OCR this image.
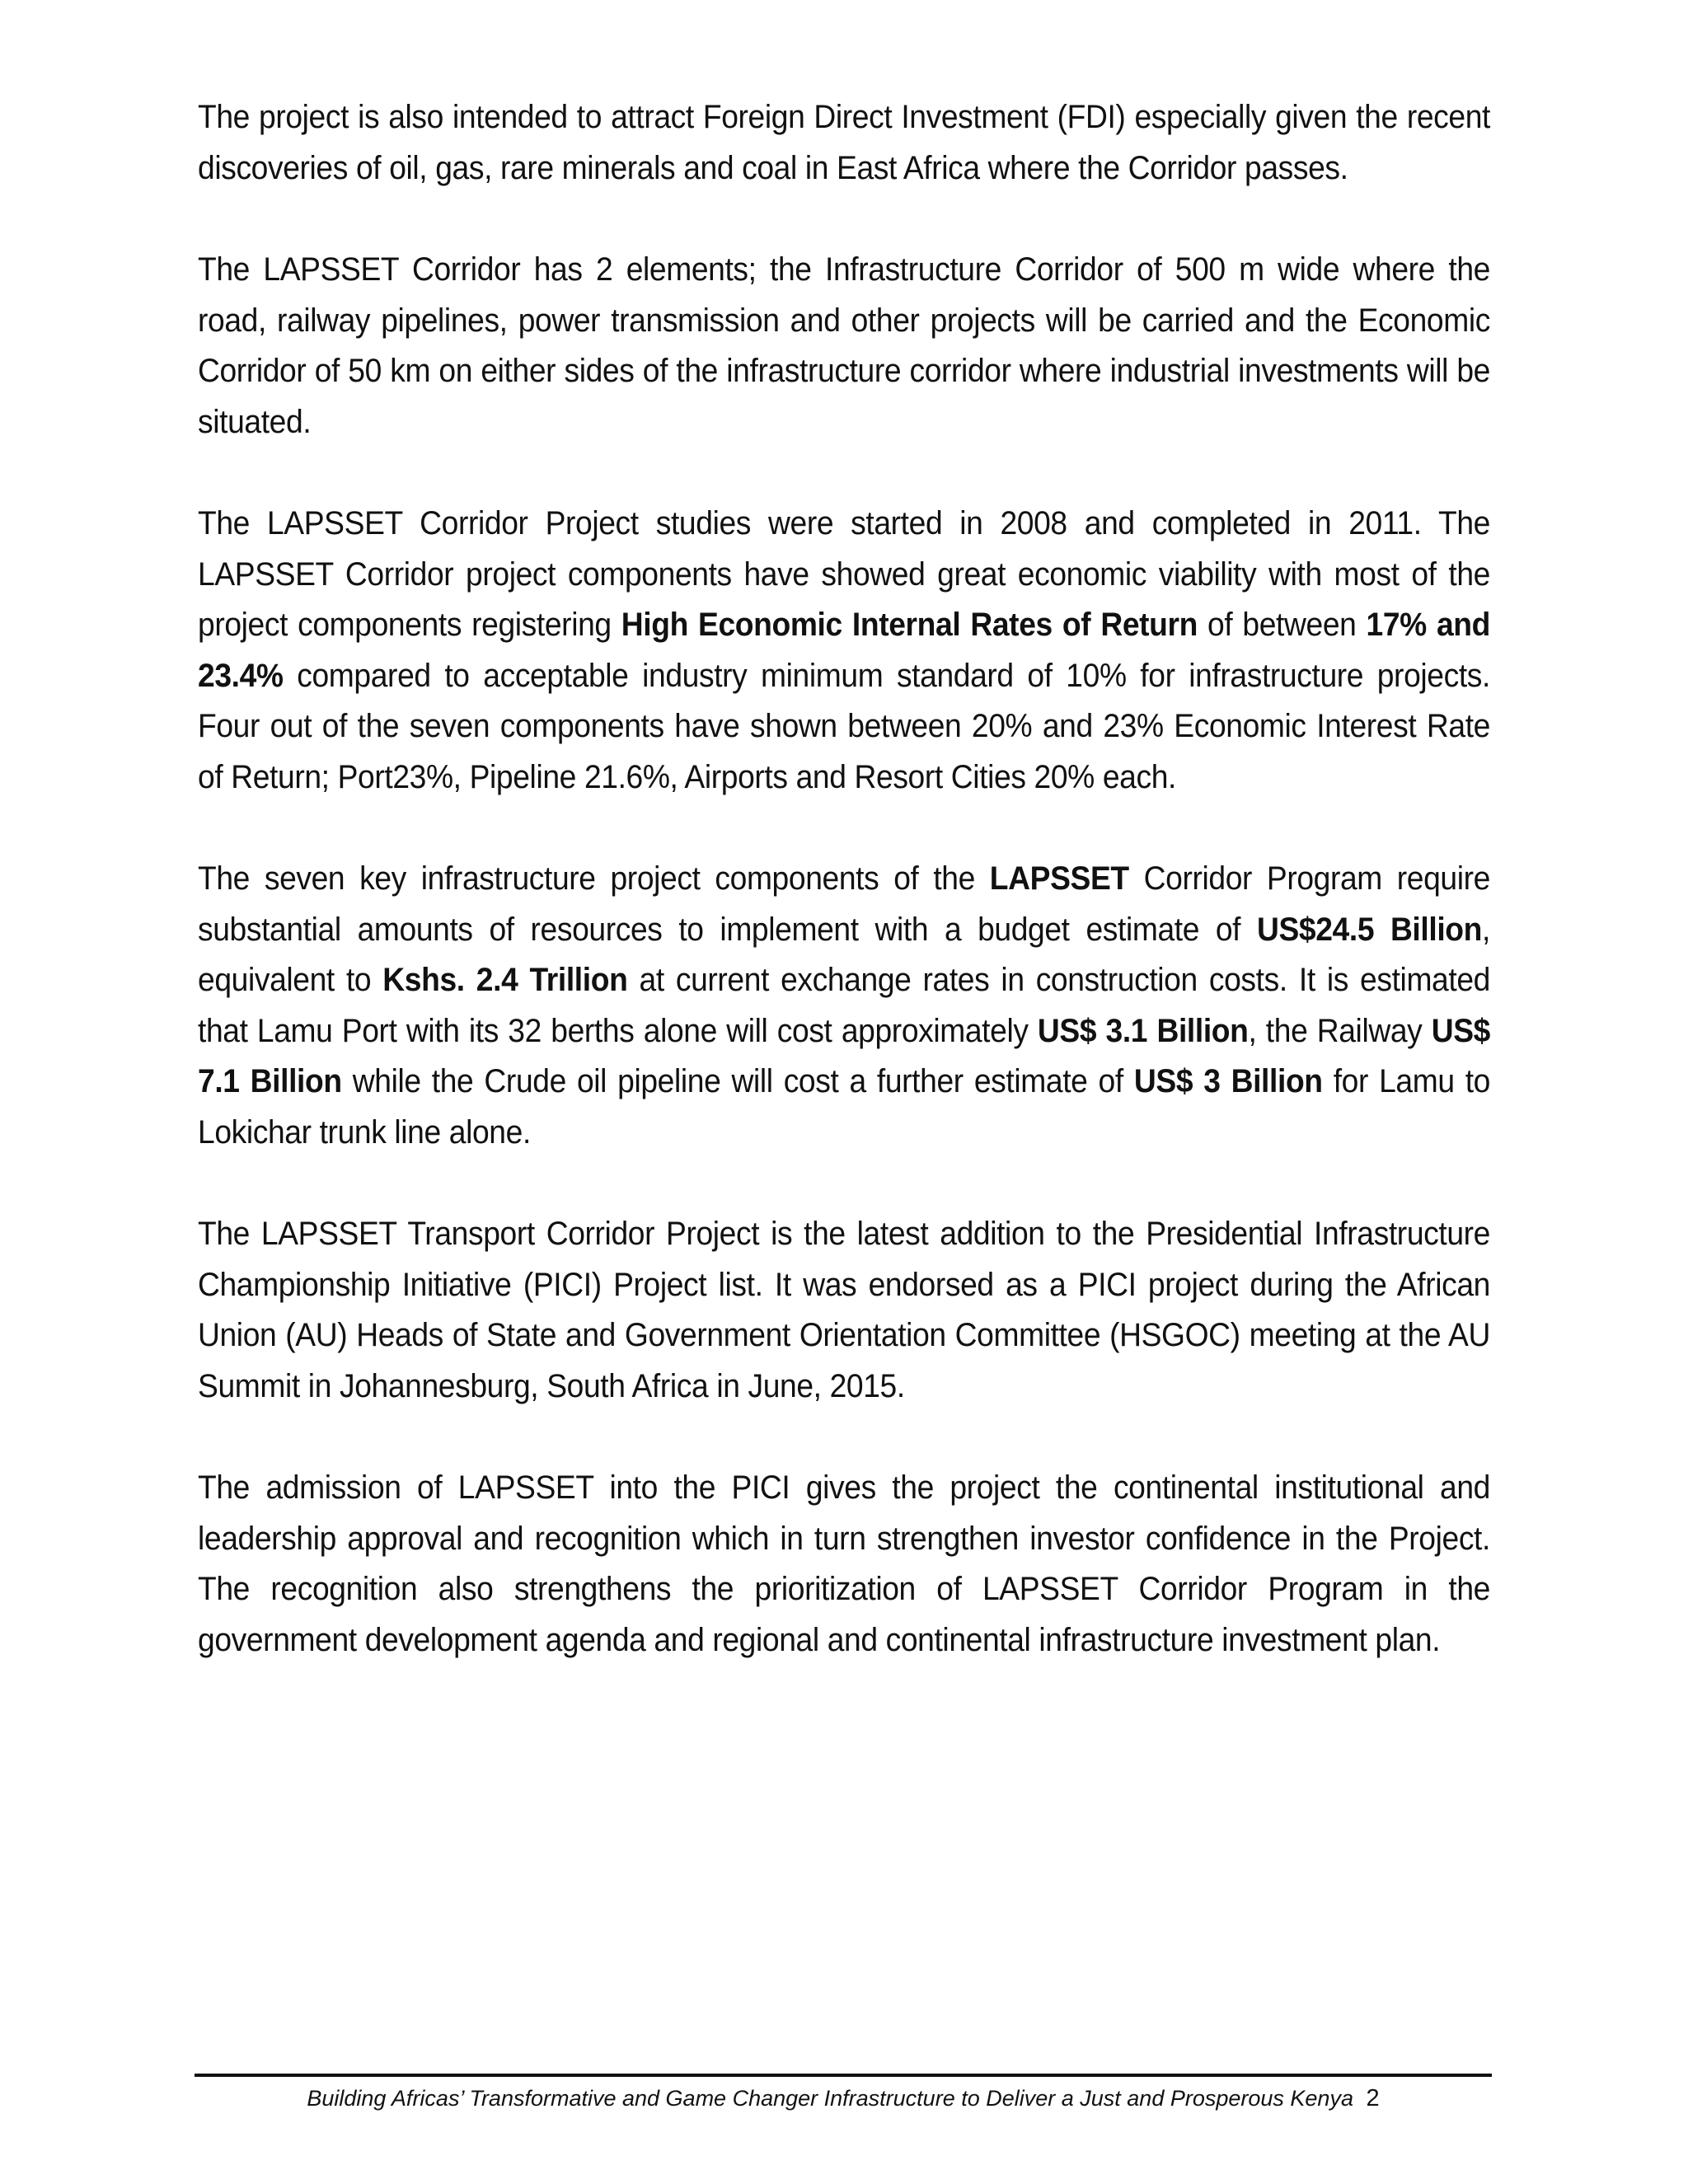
The project is also intended to attract Foreign Direct Investment (FDI) especially given the recent discoveries of oil, gas, rare minerals and coal in East Africa where the Corridor passes.

The LAPSSET Corridor has 2 elements; the Infrastructure Corridor of 500 m wide where the road, railway pipelines, power transmission and other projects will be carried and the Economic Corridor of 50 km on either sides of the infrastructure corridor where industrial investments will be situated.

The LAPSSET Corridor Project studies were started in 2008 and completed in 2011. The LAPSSET Corridor project components have showed great economic viability with most of the project components registering High Economic Internal Rates of Return of between 17% and 23.4% compared to acceptable industry minimum standard of 10% for infrastructure projects. Four out of the seven components have shown between 20% and 23% Economic Interest Rate of Return; Port23%, Pipeline 21.6%, Airports and Resort Cities 20% each.

The seven key infrastructure project components of the LAPSSET Corridor Program require substantial amounts of resources to implement with a budget estimate of US$24.5 Billion, equivalent to Kshs. 2.4 Trillion at current exchange rates in construction costs. It is estimated that Lamu Port with its 32 berths alone will cost approximately US$ 3.1 Billion, the Railway US$ 7.1 Billion while the Crude oil pipeline will cost a further estimate of US$ 3 Billion for Lamu to Lokichar trunk line alone.

The LAPSSET Transport Corridor Project is the latest addition to the Presidential Infrastructure Championship Initiative (PICI) Project list. It was endorsed as a PICI project during the African Union (AU) Heads of State and Government Orientation Committee (HSGOC) meeting at the AU Summit in Johannesburg, South Africa in June, 2015.

The admission of LAPSSET into the PICI gives the project the continental institutional and leadership approval and recognition which in turn strengthen investor confidence in the Project. The recognition also strengthens the prioritization of LAPSSET Corridor Program in the government development agenda and regional and continental infrastructure investment plan.

Building Africas’ Transformative and Game Changer Infrastructure to Deliver a Just and Prosperous Kenya 2
